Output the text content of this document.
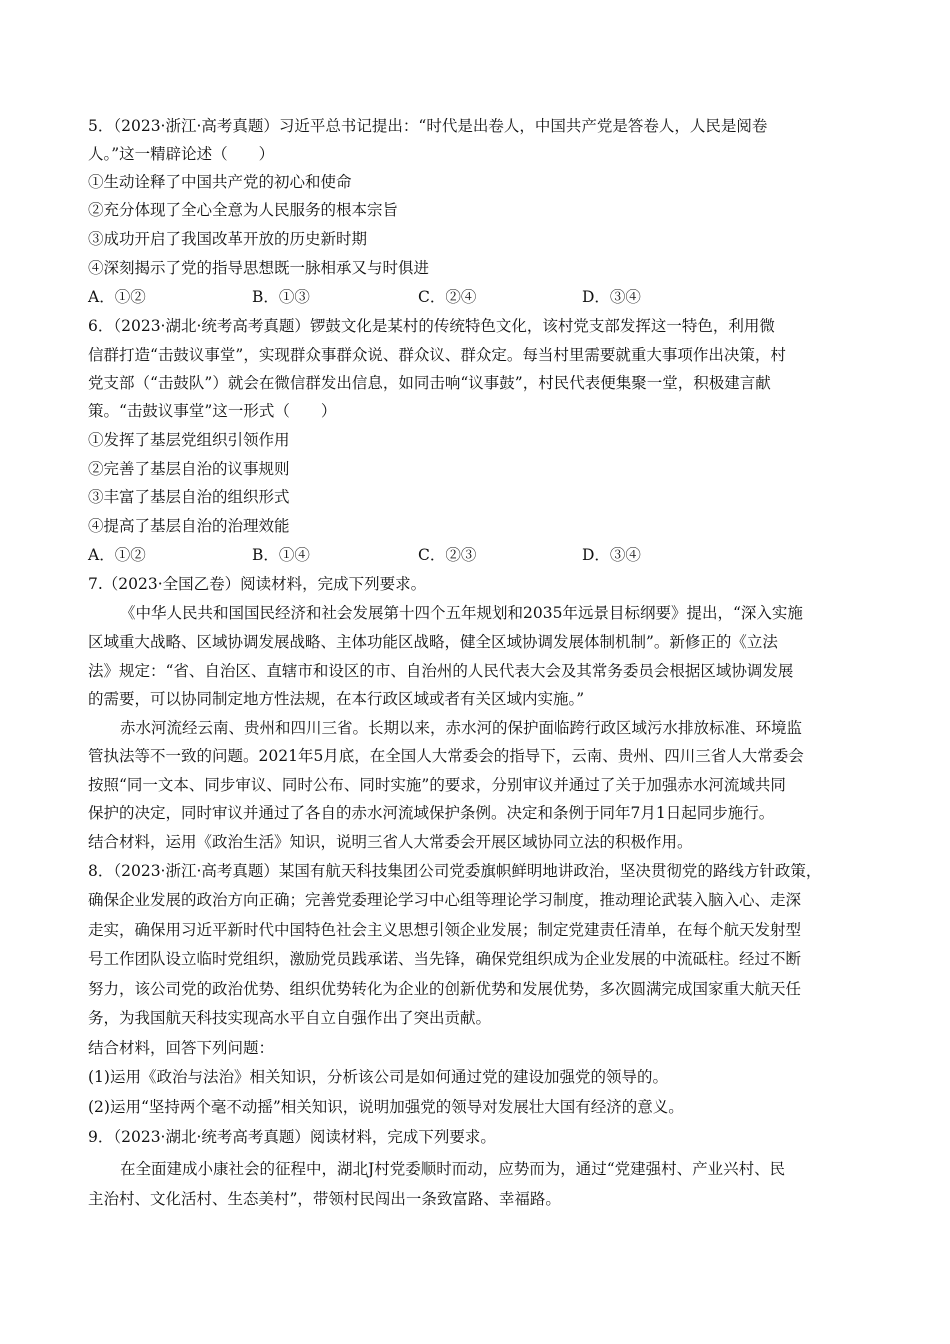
5．（2023·浙江·高考真题）习近平总书记提出：“时代是出卷人，中国共产党是答卷人，人民是阅卷
人。”这一精辟论述（　　）
①生动诠释了中国共产党的初心和使命
②充分体现了全心全意为人民服务的根本宗旨
③成功开启了我国改革开放的历史新时期
④深刻揭示了党的指导思想既一脉相承又与时俱进
A．①②	B．①③	C．②④	D．③④
6．（2023·湖北·统考高考真题）锣鼓文化是某村的传统特色文化，该村党支部发挥这一特色，利用微
信群打造“击鼓议事堂”，实现群众事群众说、群众议、群众定。每当村里需要就重大事项作出决策，村
党支部（“击鼓队”）就会在微信群发出信息，如同击响“议事鼓”，村民代表便集聚一堂，积极建言献
策。“击鼓议事堂”这一形式（　　）
①发挥了基层党组织引领作用
②完善了基层自治的议事规则
③丰富了基层自治的组织形式
④提高了基层自治的治理效能
A．①②	B．①④	C．②③	D．③④
7.（2023·全国乙卷）阅读材料，完成下列要求。
《中华人民共和国国民经济和社会发展第十四个五年规划和2035年远景目标纲要》提出，“深入实施
区域重大战略、区域协调发展战略、主体功能区战略，健全区域协调发展体制机制”。新修正的《立法
法》规定：“省、自治区、直辖市和设区的市、自治州的人民代表大会及其常务委员会根据区域协调发展
的需要，可以协同制定地方性法规，在本行政区域或者有关区域内实施。”
赤水河流经云南、贵州和四川三省。长期以来，赤水河的保护面临跨行政区域污水排放标准、环境监
管执法等不一致的问题。2021年5月底，在全国人大常委会的指导下，云南、贵州、四川三省人大常委会
按照“同一文本、同步审议、同时公布、同时实施”的要求，分别审议并通过了关于加强赤水河流域共同
保护的决定，同时审议并通过了各自的赤水河流域保护条例。决定和条例于同年7月1日起同步施行。
结合材料，运用《政治生活》知识，说明三省人大常委会开展区域协同立法的积极作用。
8．（2023·浙江·高考真题）某国有航天科技集团公司党委旗帜鲜明地讲政治，坚决贯彻党的路线方针政策，
确保企业发展的政治方向正确；完善党委理论学习中心组等理论学习制度，推动理论武装入脑入心、走深
走实，确保用习近平新时代中国特色社会主义思想引领企业发展；制定党建责任清单，在每个航天发射型
号工作团队设立临时党组织，激励党员践承诺、当先锋，确保党组织成为企业发展的中流砥柱。经过不断
努力，该公司党的政治优势、组织优势转化为企业的创新优势和发展优势，多次圆满完成国家重大航天任
务，为我国航天科技实现高水平自立自强作出了突出贡献。
结合材料，回答下列问题：
(1)运用《政治与法治》相关知识，分析该公司是如何通过党的建设加强党的领导的。
(2)运用“坚持两个毫不动摇”相关知识，说明加强党的领导对发展壮大国有经济的意义。
9．（2023·湖北·统考高考真题）阅读材料，完成下列要求。
在全面建成小康社会的征程中，湖北J村党委顺时而动，应势而为，通过“党建强村、产业兴村、民
主治村、文化活村、生态美村”，带领村民闯出一条致富路、幸福路。
